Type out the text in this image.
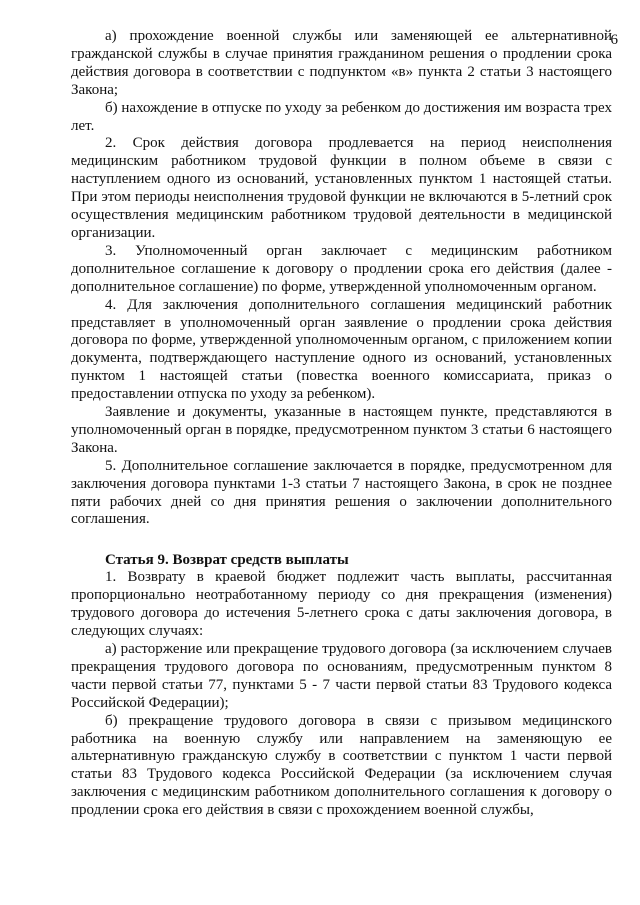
6

а) прохождение военной службы или заменяющей ее альтернативной гражданской службы в случае принятия гражданином решения о продлении срока действия договора в соответствии с подпунктом «в» пункта 2 статьи 3 настоящего Закона;

б) нахождение в отпуске по уходу за ребенком до достижения им возраста трех лет.

2. Срок действия договора продлевается на период неисполнения медицинским работником трудовой функции в полном объеме в связи с наступлением одного из оснований, установленных пунктом 1 настоящей статьи. При этом периоды неисполнения трудовой функции не включаются в 5-летний срок осуществления медицинским работником трудовой деятельности в медицинской организации.

3. Уполномоченный орган заключает с медицинским работником дополнительное соглашение к договору о продлении срока его действия (далее - дополнительное соглашение) по форме, утвержденной уполномоченным органом.

4. Для заключения дополнительного соглашения медицинский работник представляет в уполномоченный орган заявление о продлении срока действия договора по форме, утвержденной уполномоченным органом, с приложением копии документа, подтверждающего наступление одного из оснований, установленных пунктом 1 настоящей статьи (повестка военного комиссариата, приказ о предоставлении отпуска по уходу за ребенком).

Заявление и документы, указанные в настоящем пункте, представляются в уполномоченный орган в порядке, предусмотренном пунктом 3 статьи 6 настоящего Закона.

5. Дополнительное соглашение заключается в порядке, предусмотренном для заключения договора пунктами 1-3 статьи 7 настоящего Закона, в срок не позднее пяти рабочих дней со дня принятия решения о заключении дополнительного соглашения.

Статья 9. Возврат средств выплаты

1. Возврату в краевой бюджет подлежит часть выплаты, рассчитанная пропорционально неотработанному периоду со дня прекращения (изменения) трудового договора до истечения 5-летнего срока с даты заключения договора, в следующих случаях:

а) расторжение или прекращение трудового договора (за исключением случаев прекращения трудового договора по основаниям, предусмотренным пунктом 8 части первой статьи 77, пунктами 5 - 7 части первой статьи 83 Трудового кодекса Российской Федерации);

б) прекращение трудового договора в связи с призывом медицинского работника на военную службу или направлением на заменяющую ее альтернативную гражданскую службу в соответствии с пунктом 1 части первой статьи 83 Трудового кодекса Российской Федерации (за исключением случая заключения с медицинским работником дополнительного соглашения к договору о продлении срока его действия в связи с прохождением военной службы,
